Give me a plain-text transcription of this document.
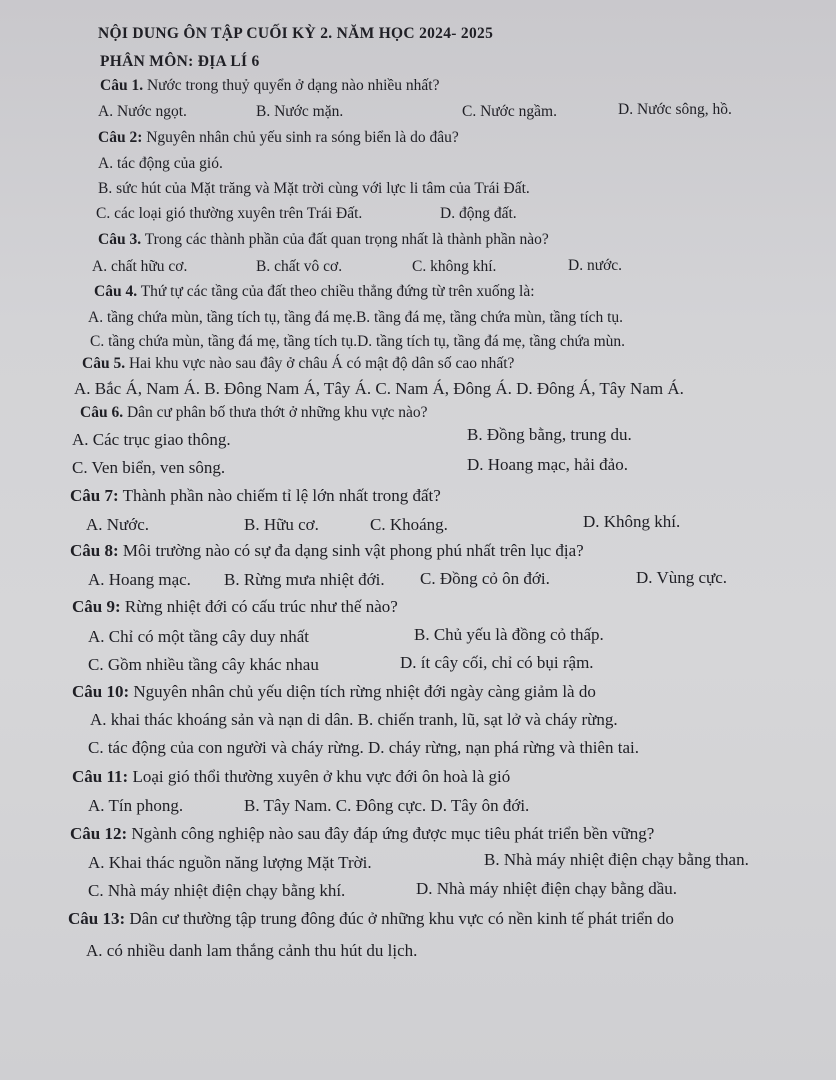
NỘI DUNG ÔN TẬP CUỐI KỲ 2. NĂM HỌC 2024- 2025
PHÂN MÔN: ĐỊA LÍ 6
Câu 1. Nước trong thuỷ quyển ở dạng nào nhiều nhất?
A. Nước ngọt.	B. Nước mặn.	C. Nước ngầm.	D. Nước sông, hồ.
Câu 2: Nguyên nhân chủ yếu sinh ra sóng biển là do đâu?
A. tác động của gió.
B. sức hút của Mặt trăng và Mặt trời cùng với lực li tâm của Trái Đất.
C. các loại gió thường xuyên trên Trái Đất.	D. động đất.
Câu 3. Trong các thành phần của đất quan trọng nhất là thành phần nào?
A. chất hữu cơ.	B. chất vô cơ.	C. không khí.	D. nước.
Câu 4. Thứ tự các tầng của đất theo chiều thẳng đứng từ trên xuống là:
A. tầng chứa mùn, tầng tích tụ, tầng đá mẹ.B. tầng đá mẹ, tầng chứa mùn, tầng tích tụ.
C. tầng chứa mùn, tầng đá mẹ, tầng tích tụ.D. tầng tích tụ, tầng đá mẹ, tầng chứa mùn.
Câu 5. Hai khu vực nào sau đây ở châu Á có mật độ dân số cao nhất?
A. Bắc Á, Nam Á. B. Đông Nam Á, Tây Á. C. Nam Á, Đông Á. D. Đông Á, Tây Nam Á.
Câu 6. Dân cư phân bố thưa thớt ở những khu vực nào?
A. Các trục giao thông.	B. Đồng bằng, trung du.
C. Ven biển, ven sông.	D. Hoang mạc, hải đảo.
Câu 7: Thành phần nào chiếm tỉ lệ lớn nhất trong đất?
A. Nước.	B. Hữu cơ.	C. Khoáng.	D. Không khí.
Câu 8: Môi trường nào có sự đa dạng sinh vật phong phú nhất trên lục địa?
A. Hoang mạc. B. Rừng mưa nhiệt đới. C. Đồng cỏ ôn đới.	D. Vùng cực.
Câu 9: Rừng nhiệt đới có cấu trúc như thế nào?
A. Chỉ có một tầng cây duy nhất	B. Chủ yếu là đồng cỏ thấp.
C. Gồm nhiều tầng cây khác nhau	D. ít cây cối, chỉ có bụi rậm.
Câu 10: Nguyên nhân chủ yếu diện tích rừng nhiệt đới ngày càng giảm là do
A. khai thác khoáng sản và nạn di dân. B. chiến tranh, lũ, sạt lở và cháy rừng.
C. tác động của con người và cháy rừng. D. cháy rừng, nạn phá rừng và thiên tai.
Câu 11: Loại gió thổi thường xuyên ở khu vực đới ôn hoà là gió
A. Tín phong.	B. Tây Nam. C. Đông cực. D. Tây ôn đới.
Câu 12: Ngành công nghiệp nào sau đây đáp ứng được mục tiêu phát triển bền vững?
A. Khai thác nguồn năng lượng Mặt Trời.	B. Nhà máy nhiệt điện chạy bằng than.
C. Nhà máy nhiệt điện chạy bằng khí.	D. Nhà máy nhiệt điện chạy bằng dầu.
Câu 13: Dân cư thường tập trung đông đúc ở những khu vực có nền kinh tế phát triển do
A. có nhiều danh lam thắng cảnh thu hút du lịch.
